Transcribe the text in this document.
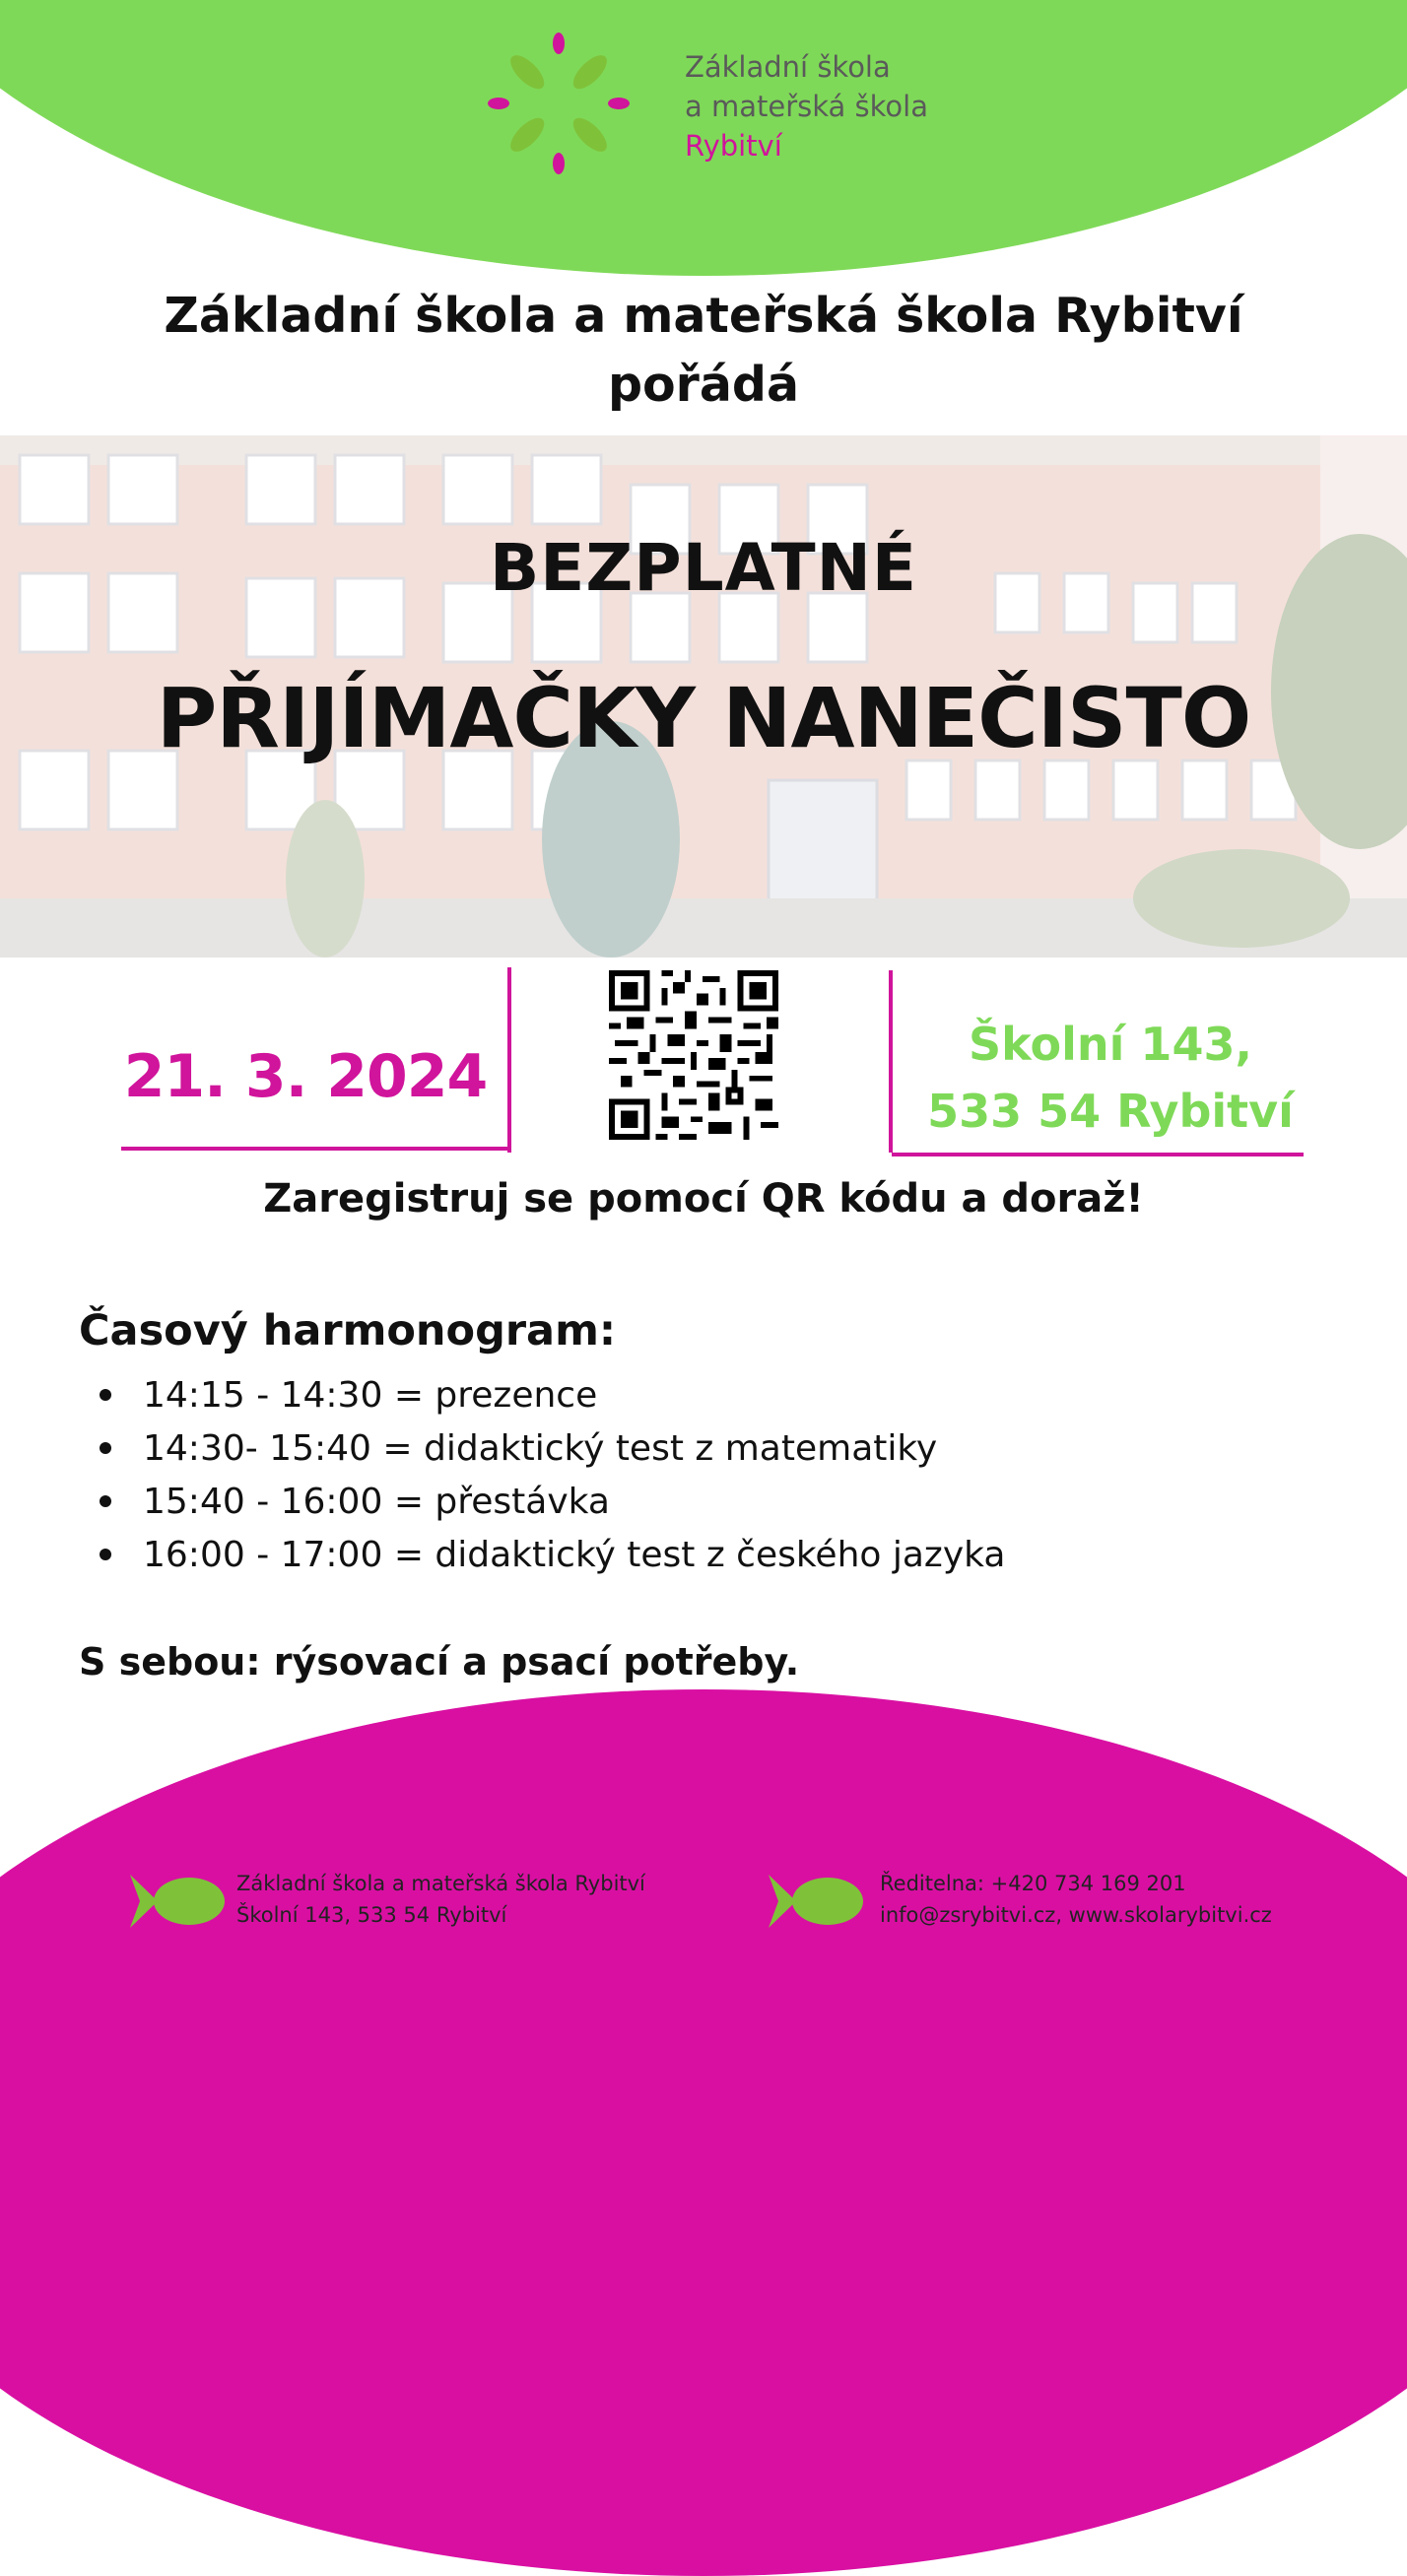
Základní škola
a mateřská škola
Rybitví
Základní škola a mateřská škola Rybitví
pořádá
BEZPLATNÉ
PŘIJÍMAČKY NANEČISTO
21. 3. 2024	Školní 143,
533 54 Rybitví
Zaregistruj se pomocí QR kódu a doraž!
Časový harmonogram:
14:15 - 14:30 = prezence
14:30- 15:40 = didaktický test z matematiky
15:40 - 16:00 = přestávka
16:00 - 17:00 = didaktický test z českého jazyka
S sebou: rýsovací a psací potřeby.
Základní škola a mateřská škola Rybitví
Školní 143, 533 54 Rybitví
Ředitelna: +420 734 169 201
info@zsrybitvi.cz, www.skolarybitvi.cz
